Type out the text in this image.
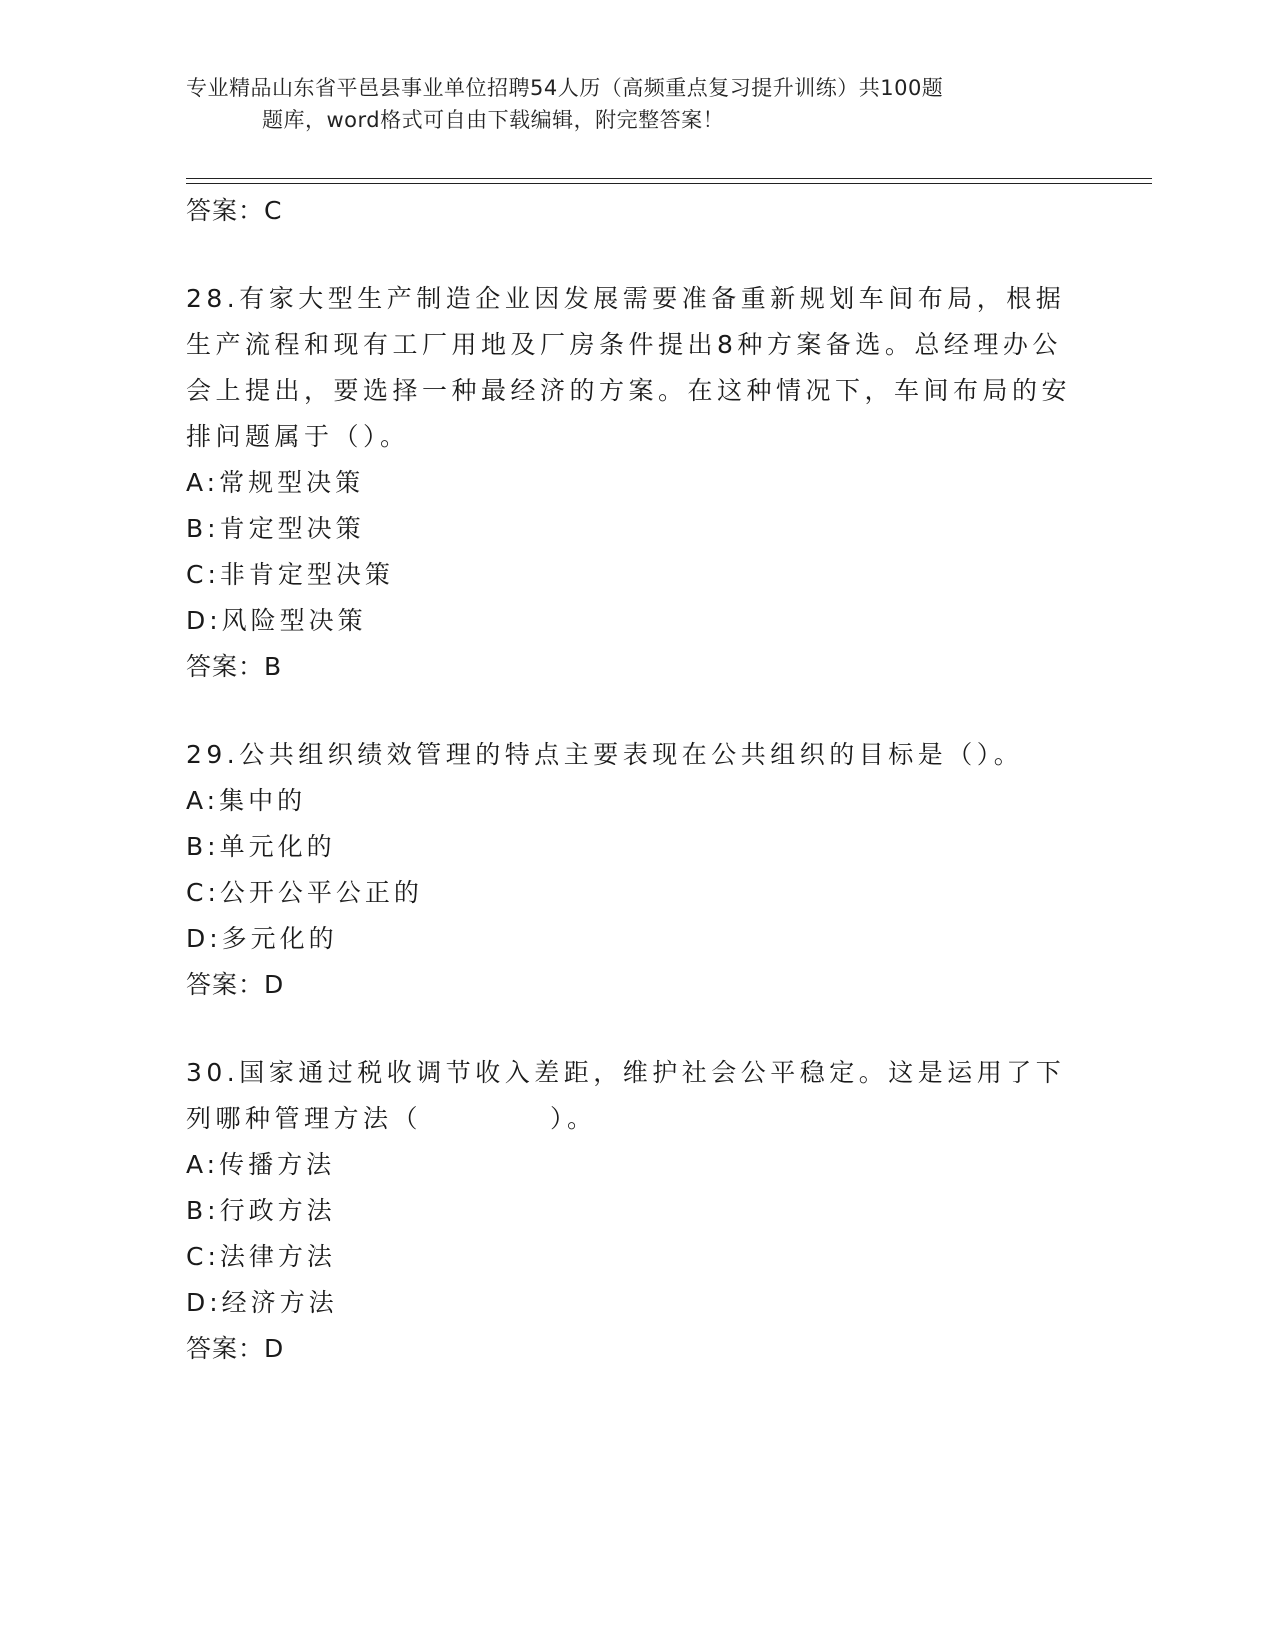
专业精品山东省平邑县事业单位招聘54人历（高频重点复习提升训练）共100题
题库，word格式可自由下载编辑，附完整答案！
答案：C
28.有家大型生产制造企业因发展需要准备重新规划车间布局，根据生产流程和现有工厂用地及厂房条件提出8种方案备选。总经理办公会上提出，要选择一种最经济的方案。在这种情况下，车间布局的安排问题属于（）。
A:常规型决策
B:肯定型决策
C:非肯定型决策
D:风险型决策
答案：B
29.公共组织绩效管理的特点主要表现在公共组织的目标是（）。
A:集中的
B:单元化的
C:公开公平公正的
D:多元化的
答案：D
30.国家通过税收调节收入差距，维护社会公平稳定。这是运用了下列哪种管理方法（	）。
A:传播方法
B:行政方法
C:法律方法
D:经济方法
答案：D
